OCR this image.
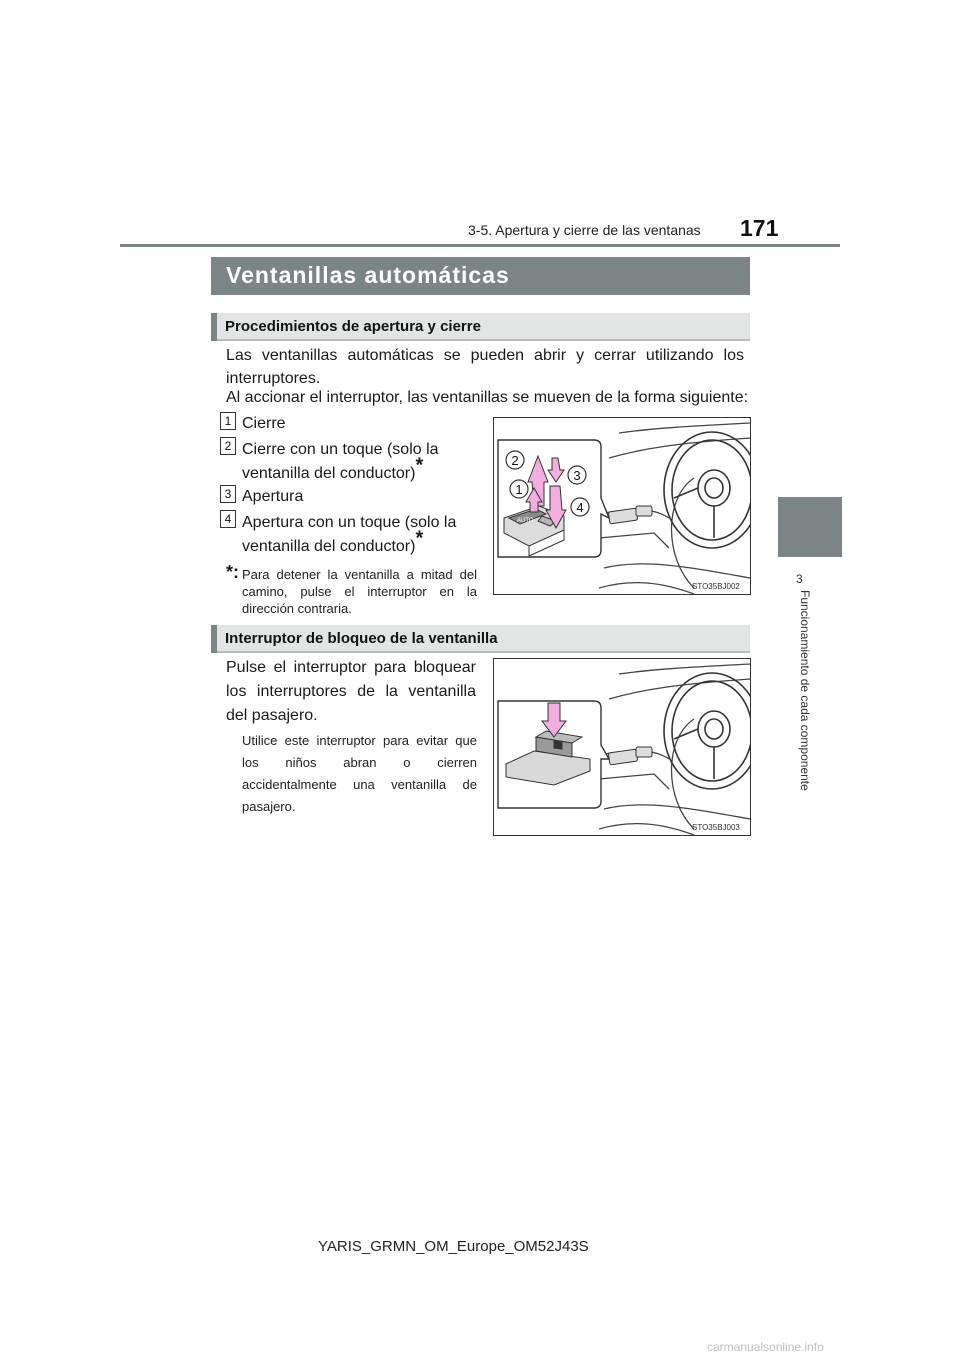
3-5. Apertura y cierre de las ventanas 171
3
Funcionamiento de cada componente
Ventanillas automáticas
Procedimientos de apertura y cierre
Las ventanillas automáticas se pueden abrir y cerrar utilizando los interruptores.
Al accionar el interruptor, las ventanillas se mueven de la forma siguiente:
1 Cierre
2 Cierre con un toque (solo la
ventanilla del conductor)*
3 Apertura
4 Apertura con un toque (solo la
ventanilla del conductor)*
*: Para detener la ventanilla a mitad del camino, pulse el interruptor en la dirección contraria.
AUTO
2
3
1
4
STO35BJ002
Interruptor de bloqueo de la ventanilla
Pulse el interruptor para bloquear los interruptores de la ventanilla del pasajero.
Utilice este interruptor para evitar que los niños abran o cierren accidentalmente una ventanilla de pasajero.
STO35BJ003
YARIS_GRMN_OM_Europe_OM52J43S
carmanualsonline.info
